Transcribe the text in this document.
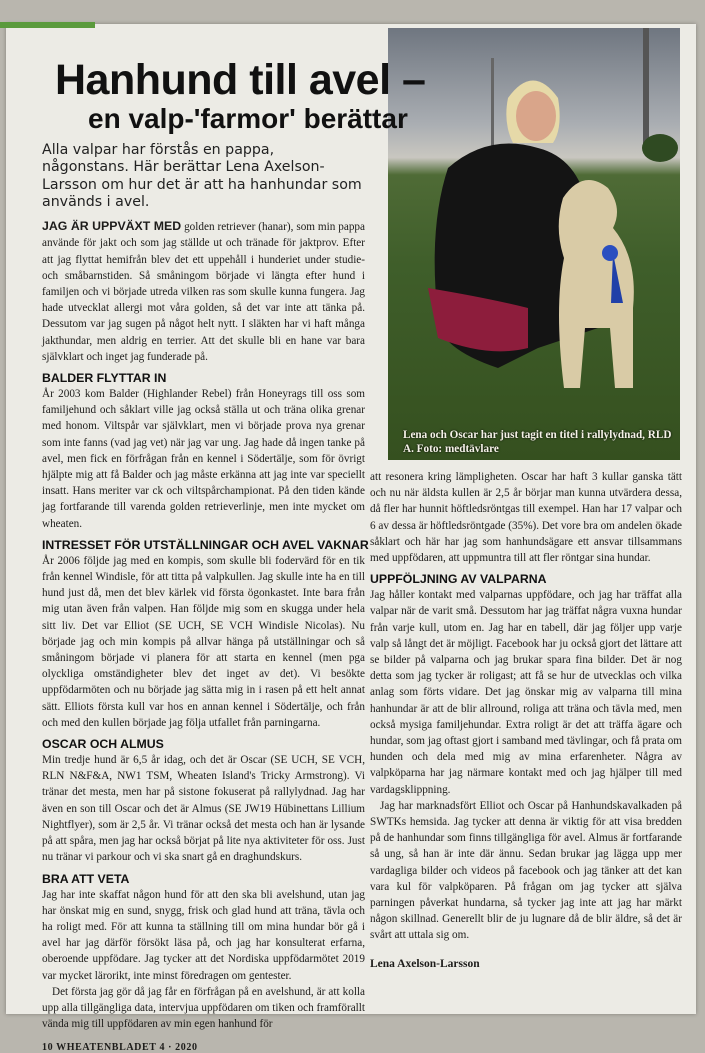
Lena och Oscar har just tagit en titel i rallylydnad, RLD A. Foto: medtävlare
Hanhund till avel –
en valp-'farmor' berättar
Alla valpar har förstås en pappa, någonstans. Här berättar Lena Axelson-Larsson om hur det är att ha hanhundar som används i avel.
JAG ÄR UPPVÄXT MED golden retriever (hanar), som min pappa använde för jakt och som jag ställde ut och tränade för jaktprov. Efter att jag flyttat hemifrån blev det ett uppehåll i hunderiet under studie- och småbarnstiden. Så småningom började vi längta efter hund i familjen och vi började utreda vilken ras som skulle kunna fungera. Jag hade utvecklat allergi mot våra golden, så det var inte att tänka på. Dessutom var jag sugen på något helt nytt. I släkten har vi haft många jakthundar, men aldrig en terrier. Att det skulle bli en hane var bara självklart och inget jag funderade på.
BALDER FLYTTAR IN
År 2003 kom Balder (Highlander Rebel) från Honeyrags till oss som familjehund och såklart ville jag också ställa ut och träna olika grenar med honom. Viltspår var självklart, men vi började prova nya grenar som inte fanns (vad jag vet) när jag var ung. Jag hade då ingen tanke på avel, men fick en förfrågan från en kennel i Södertälje, som för övrigt hjälpte mig att få Balder och jag måste erkänna att jag inte var speciellt insatt. Hans meriter var ck och viltspårchampionat. På den tiden kände jag fortfarande till varenda golden retrieverlinje, men inte mycket om wheaten.
INTRESSET FÖR UTSTÄLLNINGAR OCH AVEL VAKNAR
År 2006 följde jag med en kompis, som skulle bli fodervärd för en tik från kennel Windisle, för att titta på valpkullen. Jag skulle inte ha en till hund just då, men det blev kärlek vid första ögonkastet. Inte bara från mig utan även från valpen. Han följde mig som en skugga under hela sitt liv. Det var Elliot (SE UCH, SE VCH Windisle Nicolas). Nu började jag och min kompis på allvar hänga på utställningar och så småningom började vi planera för att starta en kennel (men pga olyckliga omständigheter blev det inget av det). Vi besökte uppfödarmöten och nu började jag sätta mig in i rasen på ett helt annat sätt. Elliots första kull var hos en annan kennel i Södertälje, och från och med den kullen började jag följa utfallet från parningarna.
OSCAR OCH ALMUS
Min tredje hund är 6,5 år idag, och det är Oscar (SE UCH, SE VCH, RLN N&F&A, NW1 TSM, Wheaten Island's Tricky Armstrong). Vi tränar det mesta, men har på sistone fokuserat på rallylydnad. Jag har även en son till Oscar och det är Almus (SE JW19 Hübinettans Lillium Nightflyer), som är 2,5 år. Vi tränar också det mesta och han är lysande på att spåra, men jag har också börjat på lite nya aktiviteter för oss. Just nu tränar vi parkour och vi ska snart gå en draghundskurs.
BRA ATT VETA
Jag har inte skaffat någon hund för att den ska bli avelshund, utan jag har önskat mig en sund, snygg, frisk och glad hund att träna, tävla och ha roligt med. För att kunna ta ställning till om mina hundar bör gå i avel har jag därför försökt läsa på, och jag har konsulterat erfarna, oberoende uppfödare. Jag tycker att det Nordiska uppfödarmötet 2019 var mycket lärorikt, inte minst föredragen om gentester.
Det första jag gör då jag får en förfrågan på en avelshund, är att kolla upp alla tillgängliga data, intervjua uppfödaren om tiken och framförallt vända mig till uppfödaren av min egen hanhund för
10 WHEATENBLADET 4 · 2020
att resonera kring lämpligheten. Oscar har haft 3 kullar ganska tätt och nu när äldsta kullen är 2,5 år börjar man kunna utvärdera dessa, då fler har hunnit höftledsröntgas till exempel. Han har 17 valpar och 6 av dessa är höftledsröntgade (35%). Det vore bra om andelen ökade såklart och här har jag som hanhundsägare ett ansvar tillsammans med uppfödaren, att uppmuntra till att fler röntgar sina hundar.
UPPFÖLJNING AV VALPARNA
Jag håller kontakt med valparnas uppfödare, och jag har träffat alla valpar när de varit små. Dessutom har jag träffat några vuxna hundar från varje kull, utom en. Jag har en tabell, där jag följer upp varje valp så långt det är möjligt. Facebook har ju också gjort det lättare att se bilder på valparna och jag brukar spara fina bilder. Det är nog detta som jag tycker är roligast; att få se hur de utvecklas och vilka anlag som förts vidare. Det jag önskar mig av valparna till mina hanhundar är att de blir allround, roliga att träna och tävla med, men också mysiga familjehundar. Extra roligt är det att träffa ägare och hundar, som jag oftast gjort i samband med tävlingar, och få prata om hunden och dela med mig av mina erfarenheter. Några av valpköparna har jag närmare kontakt med och jag hjälper till med vardagsklippning.
Jag har marknadsfört Elliot och Oscar på Hanhundskavalkaden på SWTKs hemsida. Jag tycker att denna är viktig för att visa bredden på de hanhundar som finns tillgängliga för avel. Almus är fortfarande så ung, så han är inte där ännu. Sedan brukar jag lägga upp mer vardagliga bilder och videos på facebook och jag tänker att det kan vara kul för valpköparen. På frågan om jag tycker att själva parningen påverkat hundarna, så tycker jag inte att jag har märkt någon skillnad. Generellt blir de ju lugnare då de blir äldre, så det är svårt att uttala sig om.
Lena Axelson-Larsson
